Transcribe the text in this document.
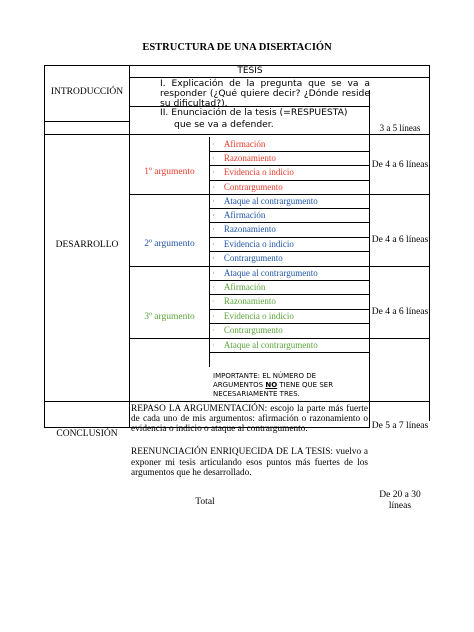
ESTRUCTURA DE UNA DISERTACIÓN
TESIS
INTRODUCCIÓN
I. Explicación de la pregunta que se va a responder (¿Qué quiere decir? ¿Dónde reside su dificultad?).
II. Enunciación de la tesis (=RESPUESTA)
que se va a defender.	3 a 5 líneas
DESARROLLO
1º argumento
· Afirmación
· Razonamiento
· Evidencia o indicio
· Contrargumento
De 4 a 6 líneas
2º argumento
· Ataque al contrargumento
· Afirmación
· Razonamiento
· Evidencia o indicio
· Contrargumento
De 4 a 6 líneas
3º argumento
· Ataque al contrargumento
· Afirmación
· Razonamiento
· Evidencia o indicio
· Contrargumento
De 4 a 6 líneas
· Ataque al contrargumento
IMPORTANTE: EL NÚMERO DE ARGUMENTOS NO TIENE QUE SER NECESARIAMENTE TRES.
CONCLUSIÓN
REPASO LA ARGUMENTACIÓN: escojo la parte más fuerte de cada uno de mis argumentos: afirmación o razonamiento o evidencia o indicio o ataque al contrargumento.
REENUNCIACIÓN ENRIQUECIDA DE LA TESIS: vuelvo a exponer mi tesis articulando esos puntos más fuertes de los argumentos que he desarrollado.
De 5 a 7 líneas
Total
De 20 a 30 líneas
